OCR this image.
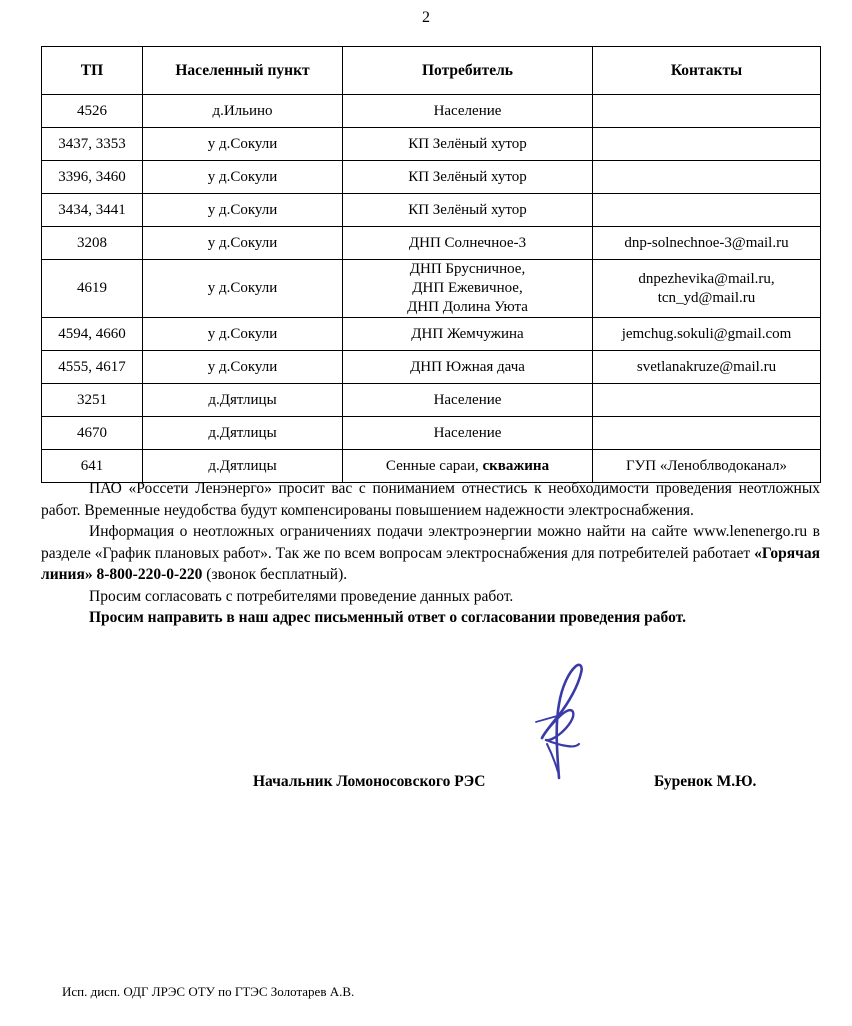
2
ТП	Населенный пункт	Потребитель	Контакты
4526	д.Ильино	Население	
3437, 3353	у д.Сокули	КП Зелёный хутор	
3396, 3460	у д.Сокули	КП Зелёный хутор	
3434, 3441	у д.Сокули	КП Зелёный хутор	
3208	у д.Сокули	ДНП Солнечное-3	dnp-solnechnoe-3@mail.ru
4619	у д.Сокули	ДНП Брусничное,
ДНП Ежевичное,
ДНП Долина Уюта	dnpezhevika@mail.ru,
tcn_yd@mail.ru
4594, 4660	у д.Сокули	ДНП Жемчужина	jemchug.sokuli@gmail.com
4555, 4617	у д.Сокули	ДНП Южная дача	svetlanakruze@mail.ru
3251	д.Дятлицы	Население	
4670	д.Дятлицы	Население	
641	д.Дятлицы	Сенные сараи, скважина	ГУП «Леноблводоканал»

ПАО «Россети Ленэнерго» просит вас с пониманием отнестись к необходимости проведения неотложных работ. Временные неудобства будут компенсированы повышением надежности электроснабжения.

Информация о неотложных ограничениях подачи электроэнергии можно найти на сайте www.lenenergo.ru в разделе «График плановых работ». Так же по всем вопросам электроснабжения для потребителей работает «Горячая линия» 8-800-220-0-220 (звонок бесплатный).

Просим согласовать с потребителями проведение данных работ.

Просим направить в наш адрес письменный ответ о согласовании проведения работ.

Начальник Ломоносовского РЭС	Буренок М.Ю.
Исп. дисп. ОДГ ЛРЭС ОТУ по ГТЭС Золотарев А.В.
